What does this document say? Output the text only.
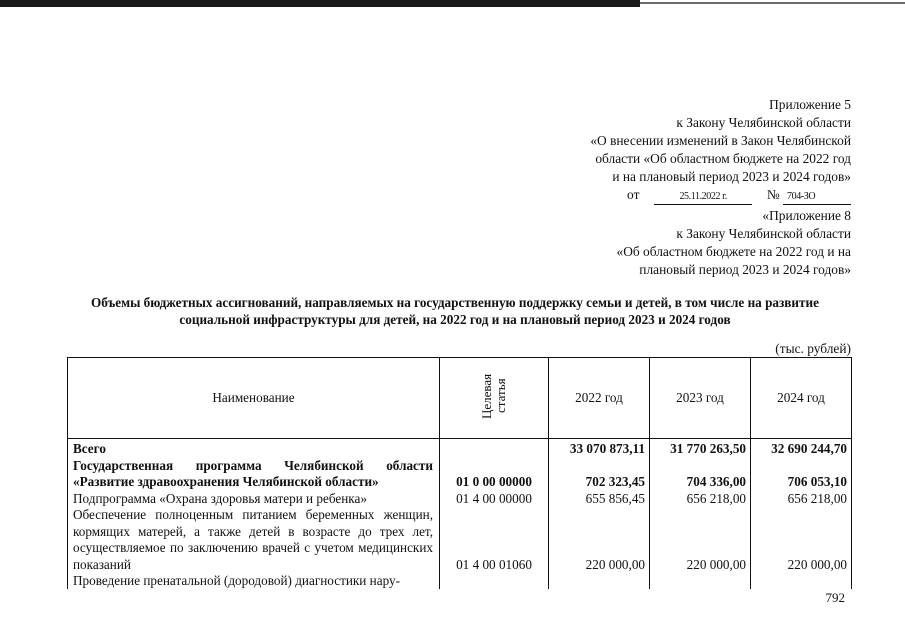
Приложение 5
к Закону Челябинской области
«О внесении изменений в Закон Челябинской
области «Об областном бюджете на 2022 год
и на плановый период 2023 и 2024 годов»
от	25.11.2022 г.	№ 704-ЗО
«Приложение 8
к Закону Челябинской области
«Об областном бюджете на 2022 год и на
плановый период 2023 и 2024 годов»
Объемы бюджетных ассигнований, направляемых на государственную поддержку семьи и детей, в том числе на развитие
социальной инфраструктуры для детей, на 2022 год и на плановый период 2023 и 2024 годов
(тыс. рублей)
Наименование	Целевая статья	2022 год	2023 год	2024 год

Всего		33 070 873,11	31 770 263,50	32 690 244,70
Государственная программа Челябинской области «Развитие здравоохранения Челябинской области»	01 0 00 00000	702 323,45	704 336,00	706 053,10
Подпрограмма «Охрана здоровья матери и ребенка»	01 4 00 00000	655 856,45	656 218,00	656 218,00
Обеспечение полноценным питанием беременных женщин, кормящих матерей, а также детей в возрасте до трех лет, осуществляемое по заключению врачей с учетом медицинских показаний	01 4 00 01060	220 000,00	220 000,00	220 000,00

Проведение пренатальной (дородовой) диагностики нару-				

792
